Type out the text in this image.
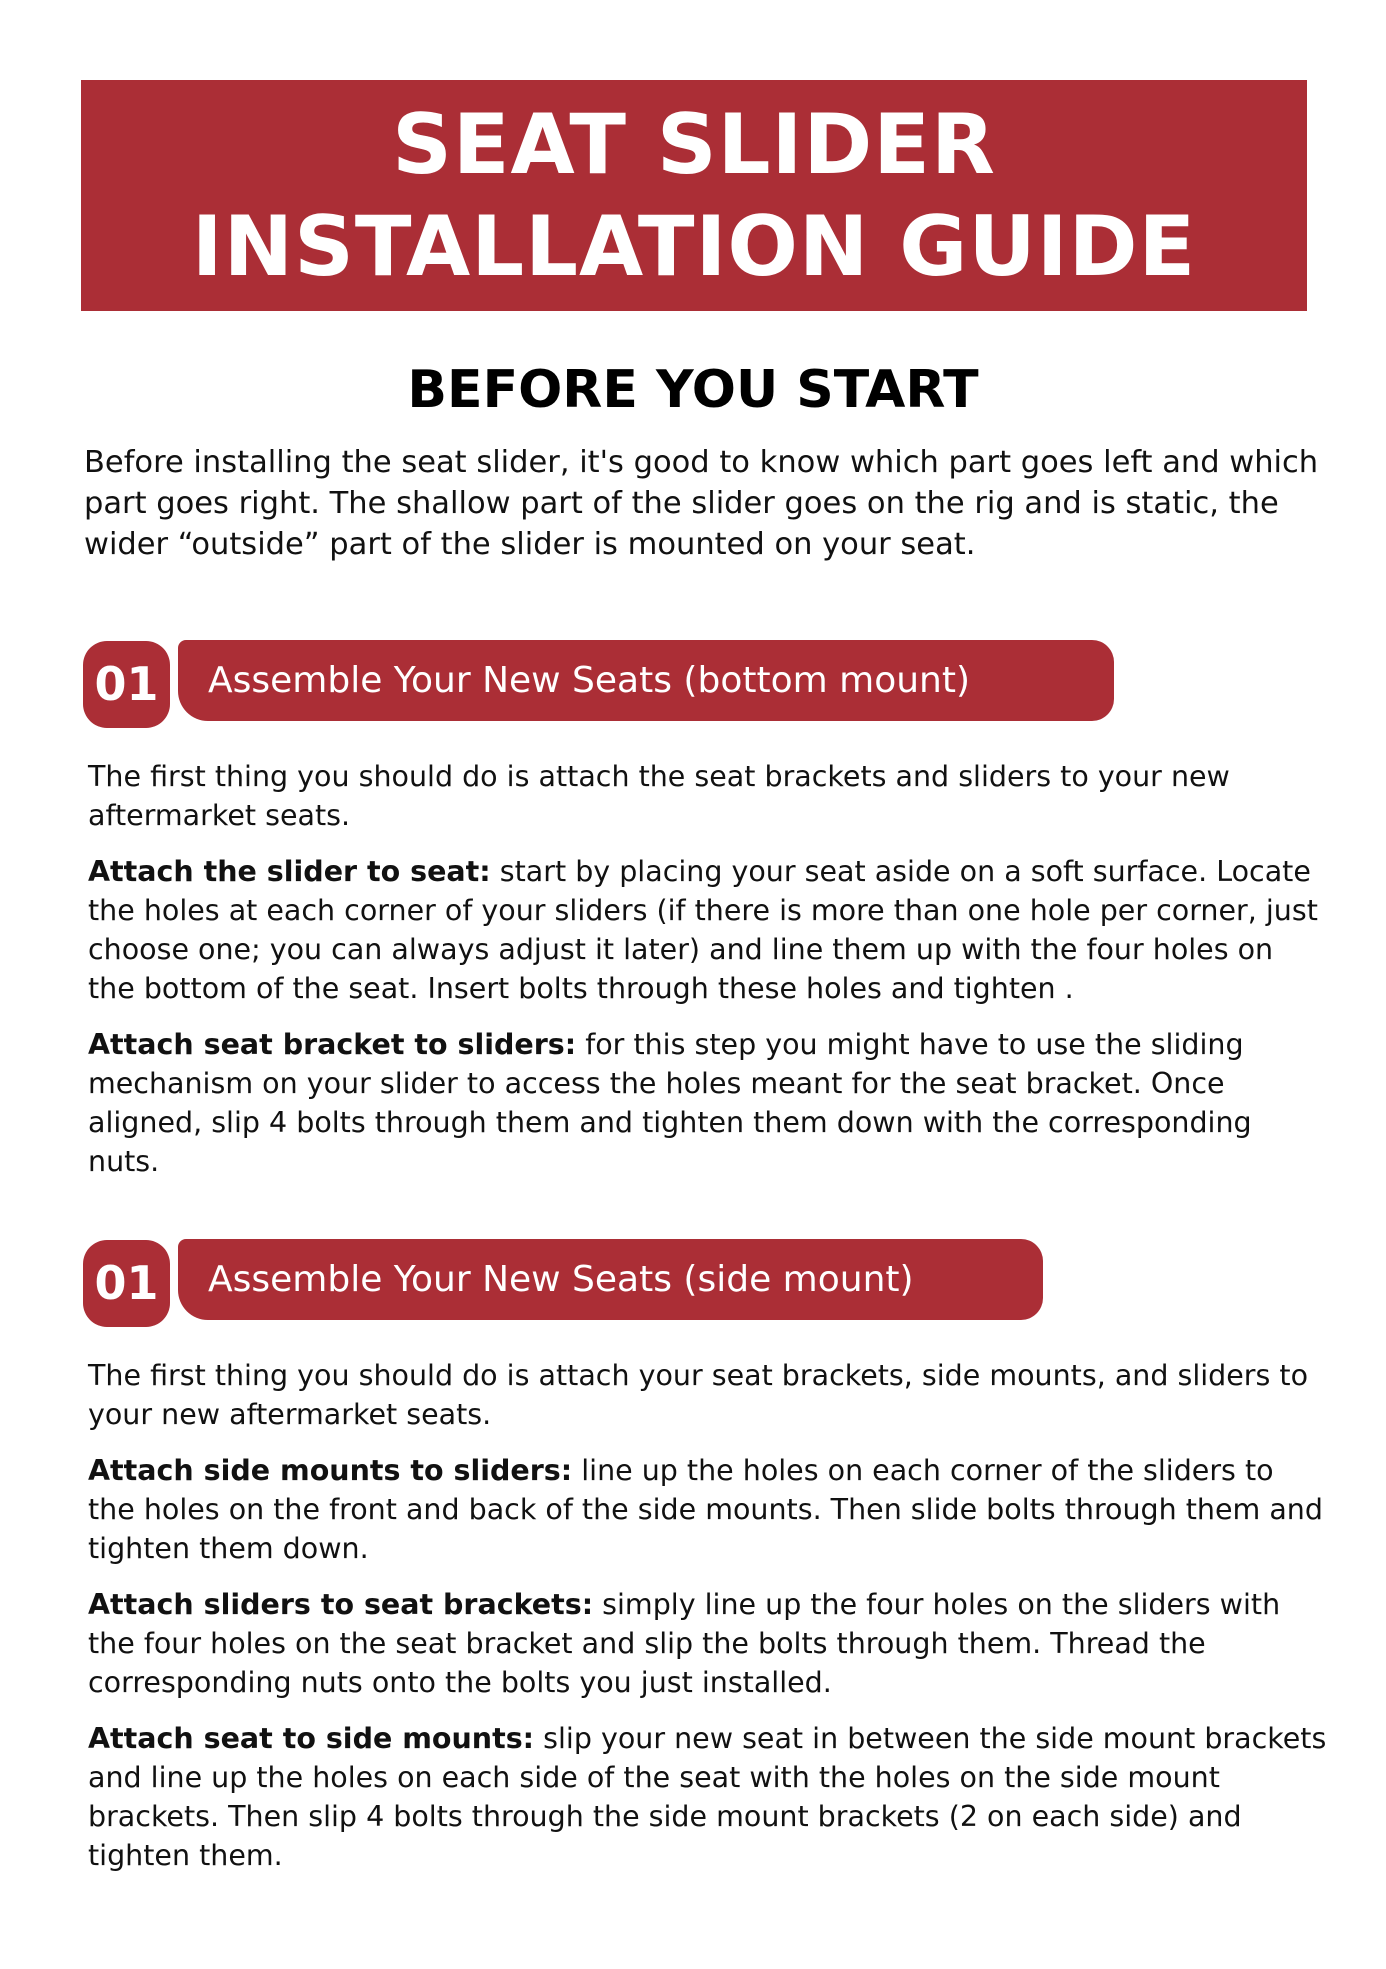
SEAT SLIDER
INSTALLATION GUIDE
BEFORE YOU START

Before installing the seat slider, it's good to know which part goes left and which part goes right. The shallow part of the slider goes on the rig and is static, the wider “outside” part of the slider is mounted on your seat.

01	Assemble Your New Seats (bottom mount)

The first thing you should do is attach the seat brackets and sliders to your new aftermarket seats.

Attach the slider to seat: start by placing your seat aside on a soft surface. Locate the holes at each corner of your sliders (if there is more than one hole per corner, just choose one; you can always adjust it later) and line them up with the four holes on the bottom of the seat. Insert bolts through these holes and tighten .

Attach seat bracket to sliders: for this step you might have to use the sliding mechanism on your slider to access the holes meant for the seat bracket. Once aligned, slip 4 bolts through them and tighten them down with the corresponding nuts.

01	Assemble Your New Seats (side mount)

The first thing you should do is attach your seat brackets, side mounts, and sliders to your new aftermarket seats.

Attach side mounts to sliders: line up the holes on each corner of the sliders to the holes on the front and back of the side mounts. Then slide bolts through them and tighten them down.

Attach sliders to seat brackets: simply line up the four holes on the sliders with the four holes on the seat bracket and slip the bolts through them. Thread the corresponding nuts onto the bolts you just installed.

Attach seat to side mounts: slip your new seat in between the side mount brackets and line up the holes on each side of the seat with the holes on the side mount brackets. Then slip 4 bolts through the side mount brackets (2 on each side) and tighten them.
